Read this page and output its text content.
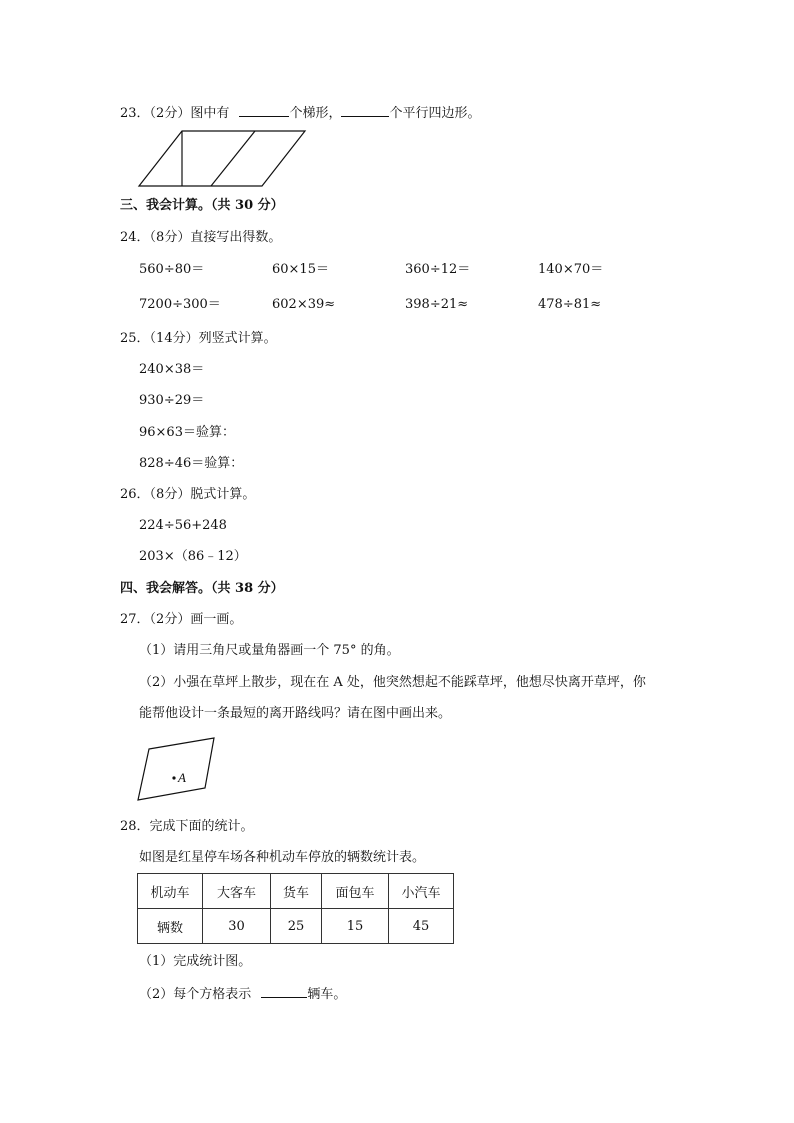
23．（2分）图中有	个梯形，	个平行四边形。
三、我会计算。（共 30 分）
24．（8分）直接写出得数。
560÷80＝	60×15＝	360÷12＝	140×70＝
7200÷300＝	602×39≈	398÷21≈	478÷81≈
25．（14分）列竖式计算。
240×38＝
930÷29＝
96×63＝验算：
828÷46＝验算：
26．（8分）脱式计算。
224÷56+248
203×（86﹣12）
四、我会解答。（共 38 分）
27．（2分）画一画。
（1）请用三角尺或量角器画一个 75° 的角。
（2）小强在草坪上散步，现在在 A 处，他突然想起不能踩草坪，他想尽快离开草坪，你
能帮他设计一条最短的离开路线吗？请在图中画出来。
A
28．完成下面的统计。
如图是红星停车场各种机动车停放的辆数统计表。
机动车	大客车	货车	面包车	小汽车
辆数	30	25	15	45
（1）完成统计图。
（2）每个方格表示	辆车。
